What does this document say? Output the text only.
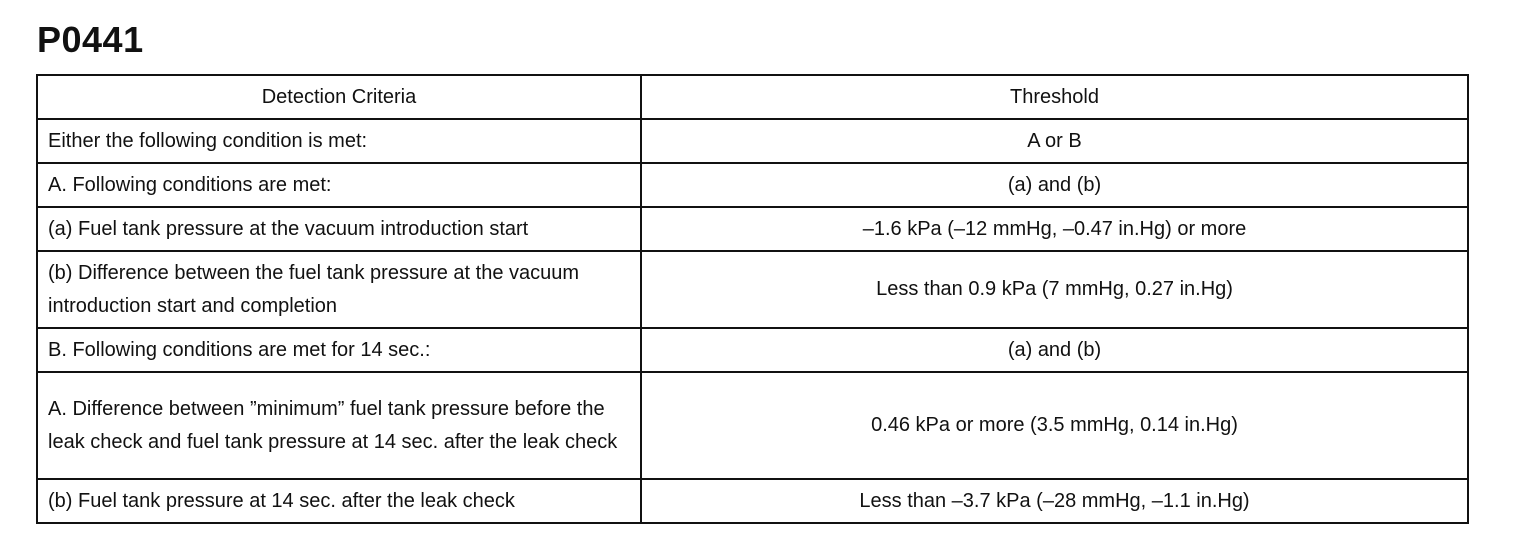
P0441
Detection Criteria	Threshold
Either the following condition is met:	A or B
A. Following conditions are met:	(a) and (b)
(a) Fuel tank pressure at the vacuum introduction start	–1.6 kPa (–12 mmHg, –0.47 in.Hg) or more
(b) Difference between the fuel tank pressure at the vacuum introduction start and completion	Less than 0.9 kPa (7 mmHg, 0.27 in.Hg)
B. Following conditions are met for 14 sec.:	(a) and (b)
A. Difference between ”minimum” fuel tank pressure before the leak check and fuel tank pressure at 14 sec. after the leak check	0.46 kPa or more (3.5 mmHg, 0.14 in.Hg)
(b) Fuel tank pressure at 14 sec. after the leak check	Less than –3.7 kPa (–28 mmHg, –1.1 in.Hg)
